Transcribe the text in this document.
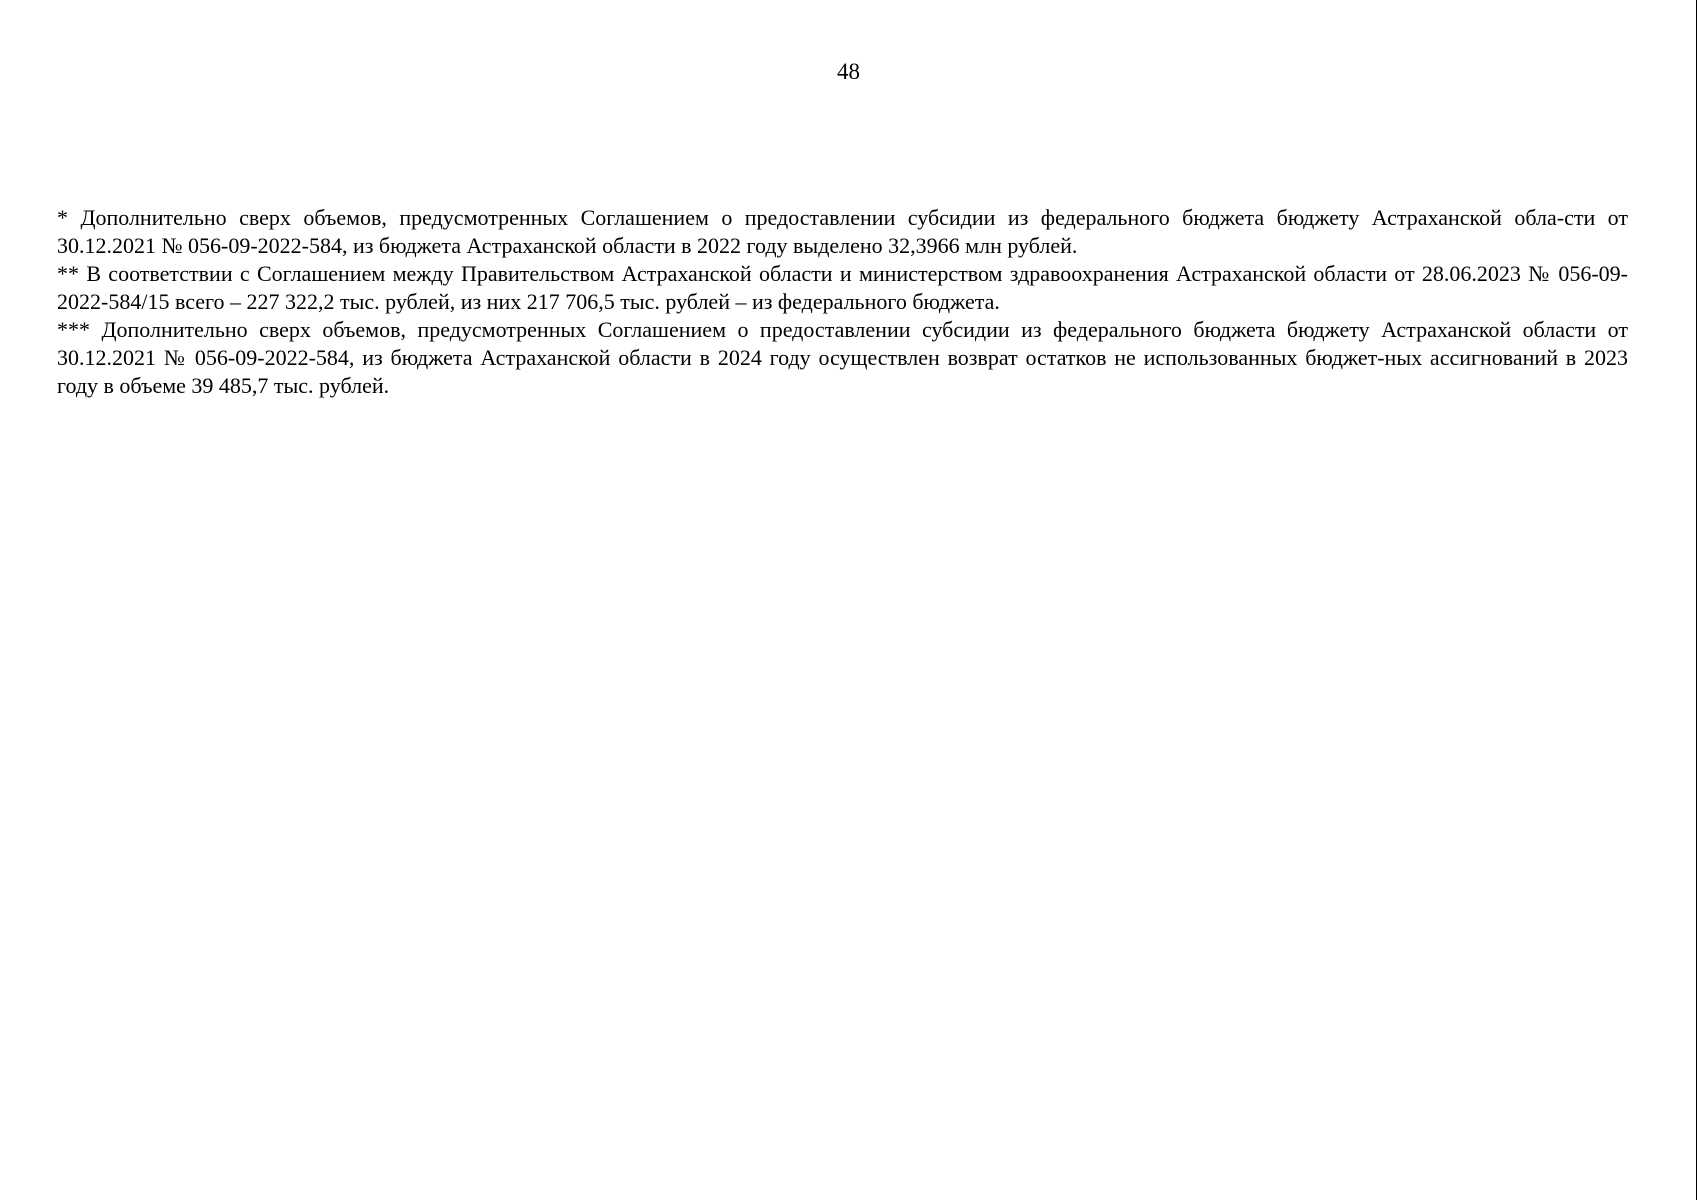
48

* Дополнительно сверх объемов, предусмотренных Соглашением о предоставлении субсидии из федерального бюджета бюджету Астраханской обла-сти от 30.12.2021 № 056-09-2022-584, из бюджета Астраханской области в 2022 году выделено 32,3966 млн рублей.

** В соответствии с Соглашением между Правительством Астраханской области и министерством здравоохранения Астраханской области от 28.06.2023 № 056-09-2022-584/15 всего – 227 322,2 тыс. рублей, из них 217 706,5 тыс. рублей – из федерального бюджета.

*** Дополнительно сверх объемов, предусмотренных Соглашением о предоставлении субсидии из федерального бюджета бюджету Астраханской области от 30.12.2021 № 056-09-2022-584, из бюджета Астраханской области в 2024 году осуществлен возврат остатков не использованных бюджет-ных ассигнований в 2023 году в объеме 39 485,7 тыс. рублей.
